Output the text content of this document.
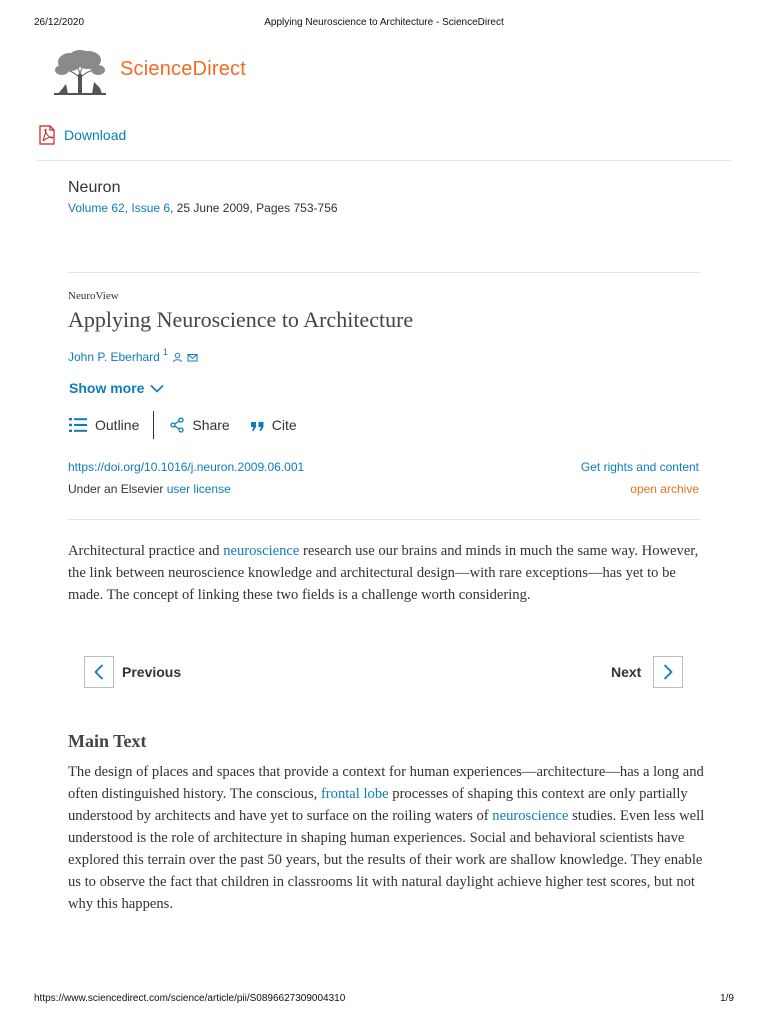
26/12/2020	Applying Neuroscience to Architecture - ScienceDirect
ScienceDirect
Download
Neuron
Volume 62, Issue 6, 25 June 2009, Pages 753-756
NeuroView
Applying Neuroscience to Architecture
John P. Eberhard $^1$
Show more
Outline	Share	Cite
https://doi.org/10.1016/j.neuron.2009.06.001
Under an Elsevier user license
Get rights and content
open archive

Architectural practice and neuroscience research use our brains and minds in much the same way. However, the link between neuroscience knowledge and architectural design—with rare exceptions—has yet to be made. The concept of linking these two fields is a challenge worth considering.

Previous	Next
Main Text

The design of places and spaces that provide a context for human experiences—architecture—has a long and often distinguished history. The conscious, frontal lobe processes of shaping this context are only partially understood by architects and have yet to surface on the roiling waters of neuroscience studies. Even less well understood is the role of architecture in shaping human experiences. Social and behavioral scientists have explored this terrain over the past 50 years, but the results of their work are shallow knowledge. They enable us to observe the fact that children in classrooms lit with natural daylight achieve higher test scores, but not why this happens.

https://www.sciencedirect.com/science/article/pii/S0896627309004310	1/9
